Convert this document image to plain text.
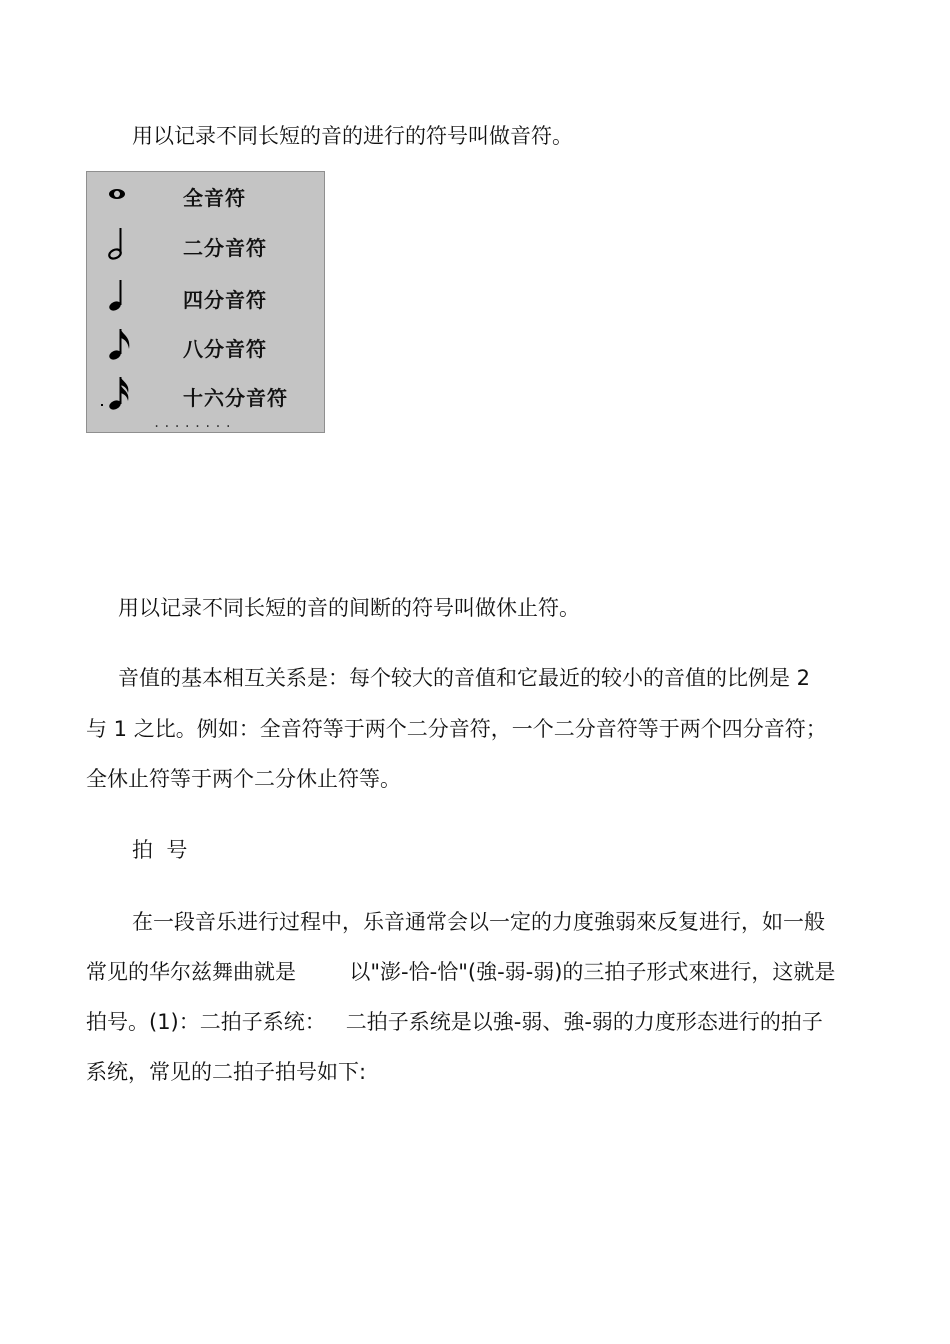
用以记录不同长短的音的进行的符号叫做音符。

全音符
二分音符
四分音符
八分音符
十六分音符
........

用以记录不同长短的音的间断的符号叫做休止符。

音值的基本相互关系是：每个较大的音值和它最近的较小的音值的比例是 2

与 1 之比。例如：全音符等于两个二分音符，一个二分音符等于两个四分音符；

全休止符等于两个二分休止符等。

拍  号

在一段音乐进行过程中，乐音通常会以一定的力度強弱來反复进行，如一般

常见的华尔兹舞曲就是        以"澎-恰-恰"(強-弱-弱)的三拍子形式來进行，这就是

拍号。(1)：二拍子系统：   二拍子系统是以強-弱、強-弱的力度形态进行的拍子

系统，常见的二拍子拍号如下:
